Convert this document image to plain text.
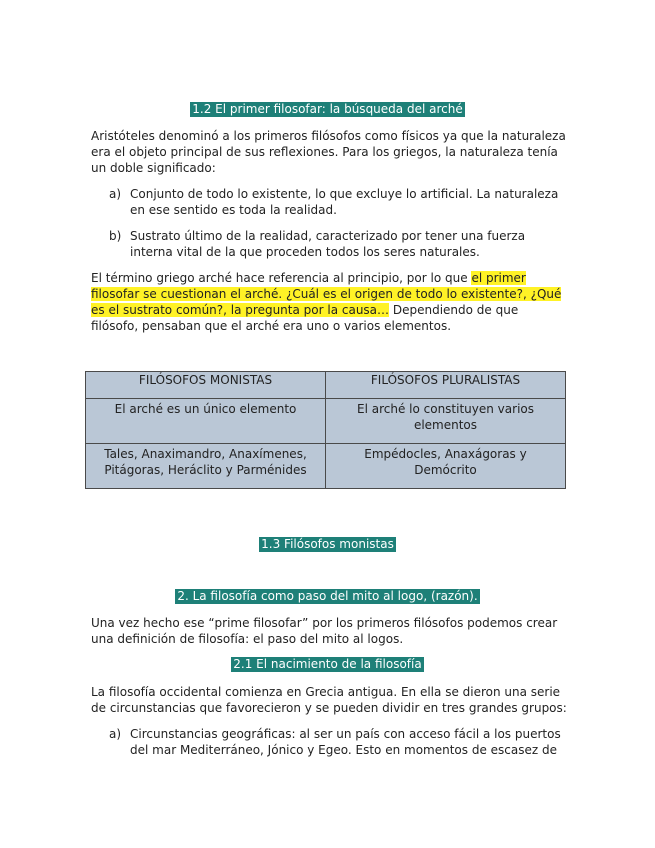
1.2 El primer filosofar: la búsqueda del arché
Aristóteles denominó a los primeros filósofos como físicos ya que la naturaleza era el objeto principal de sus reflexiones. Para los griegos, la naturaleza tenía un doble significado:
a) Conjunto de todo lo existente, lo que excluye lo artificial. La naturaleza en ese sentido es toda la realidad.
b) Sustrato último de la realidad, caracterizado por tener una fuerza interna vital de la que proceden todos los seres naturales.
El término griego arché hace referencia al principio, por lo que el primer filosofar se cuestionan el arché. ¿Cuál es el origen de todo lo existente?, ¿Qué es el sustrato común?, la pregunta por la causa… Dependiendo de que filósofo, pensaban que el arché era uno o varios elementos.
FILÓSOFOS MONISTAS	FILÓSOFOS PLURALISTAS
El arché es un único elemento	El arché lo constituyen varios elementos
Tales, Anaximandro, Anaxímenes, Pitágoras, Heráclito y Parménides	Empédocles, Anaxágoras y Demócrito
1.3 Filósofos monistas
2. La filosofía como paso del mito al logo, (razón).
Una vez hecho ese “prime filosofar” por los primeros filósofos podemos crear una definición de filosofía: el paso del mito al logos.
2.1 El nacimiento de la filosofía
La filosofía occidental comienza en Grecia antigua. En ella se dieron una serie de circunstancias que favorecieron y se pueden dividir en tres grandes grupos:
a) Circunstancias geográficas: al ser un país con acceso fácil a los puertos del mar Mediterráneo, Jónico y Egeo. Esto en momentos de escasez de
